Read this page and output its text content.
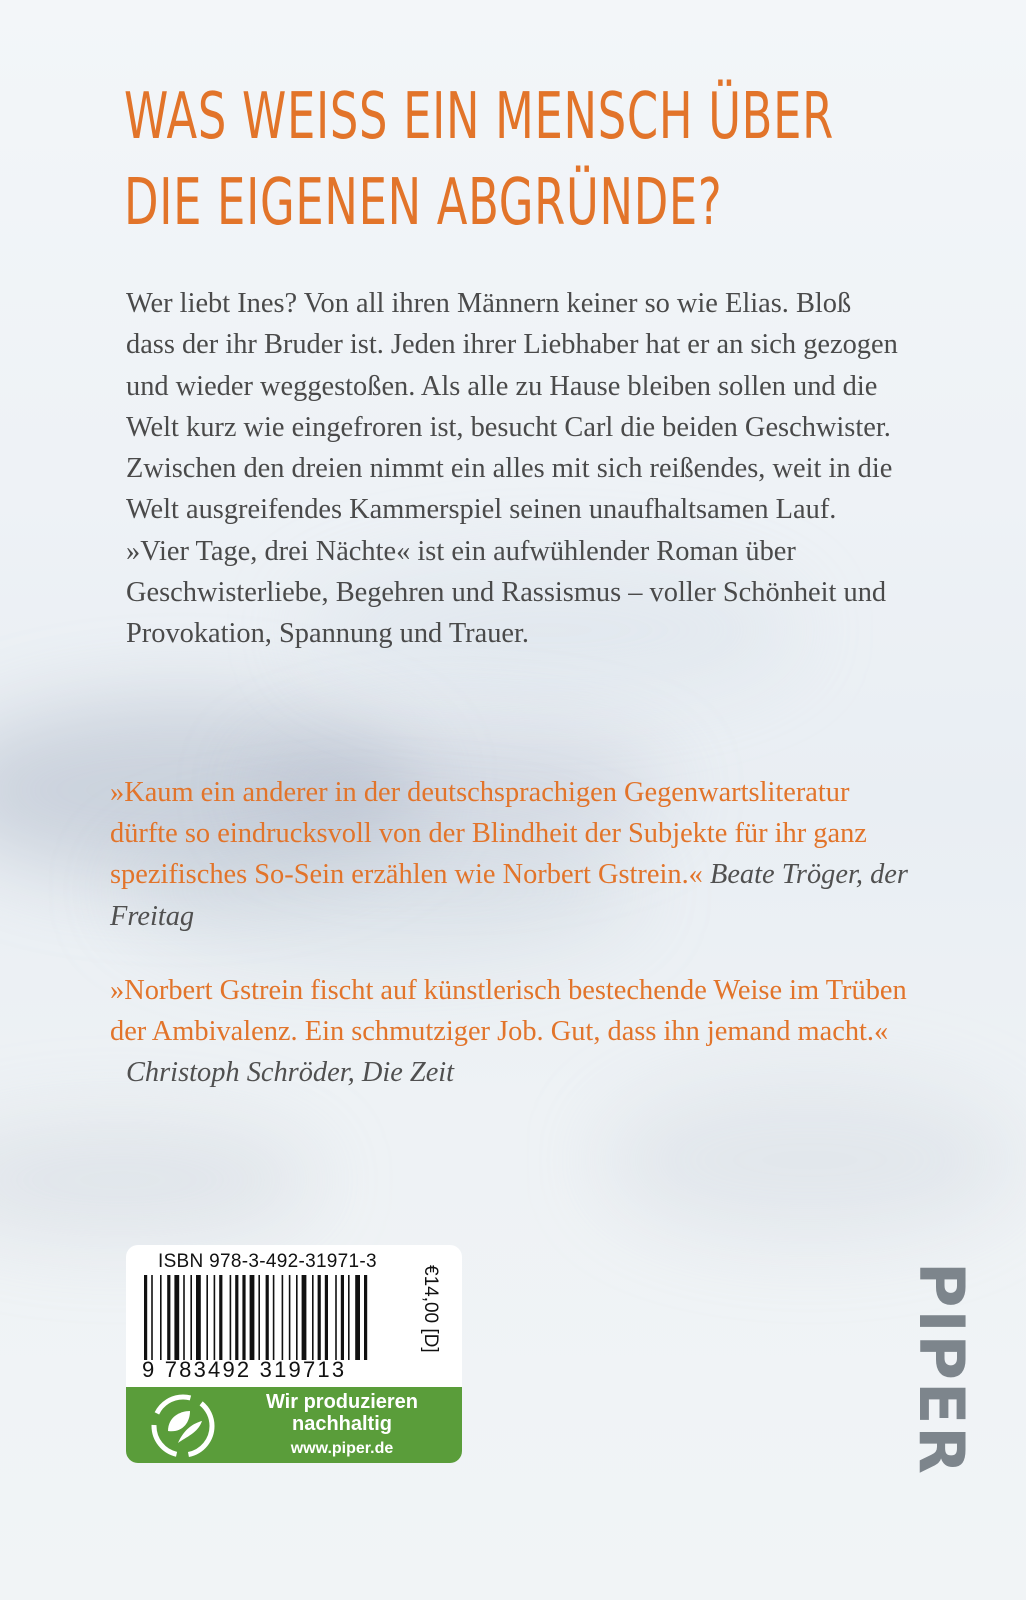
WAS WEISS EIN MENSCH ÜBER
DIE EIGENEN ABGRÜNDE?

Wer liebt Ines? Von all ihren Männern keiner so wie Elias. Bloß dass der ihr Bruder ist. Jeden ihrer Liebhaber hat er an sich gezogen und wieder weggestoßen. Als alle zu Hause bleiben sollen und die Welt kurz wie eingefroren ist, besucht Carl die beiden Geschwister. Zwischen den dreien nimmt ein alles mit sich reißendes, weit in die Welt ausgreifendes Kammerspiel seinen unaufhaltsamen Lauf. »Vier Tage, drei Nächte« ist ein aufwühlender Roman über Geschwisterliebe, Begehren und Rassismus – voller Schönheit und Provokation, Spannung und Trauer.

»Kaum ein anderer in der deutschsprachigen Gegenwartsliteratur dürfte so eindrucksvoll von der Blindheit der Subjekte für ihr ganz spezifisches So-Sein erzählen wie Norbert Gstrein.« Beate Tröger, der Freitag

»Norbert Gstrein fischt auf künstlerisch bestechende Weise im Trüben der Ambivalenz. Ein schmutziger Job. Gut, dass ihn jemand macht.«
Christoph Schröder, Die Zeit

ISBN 978-3-492-31971-3
9 783492 319713
€14,00 [D]
Wir produzieren
nachhaltig
www.piper.de	PIPER
